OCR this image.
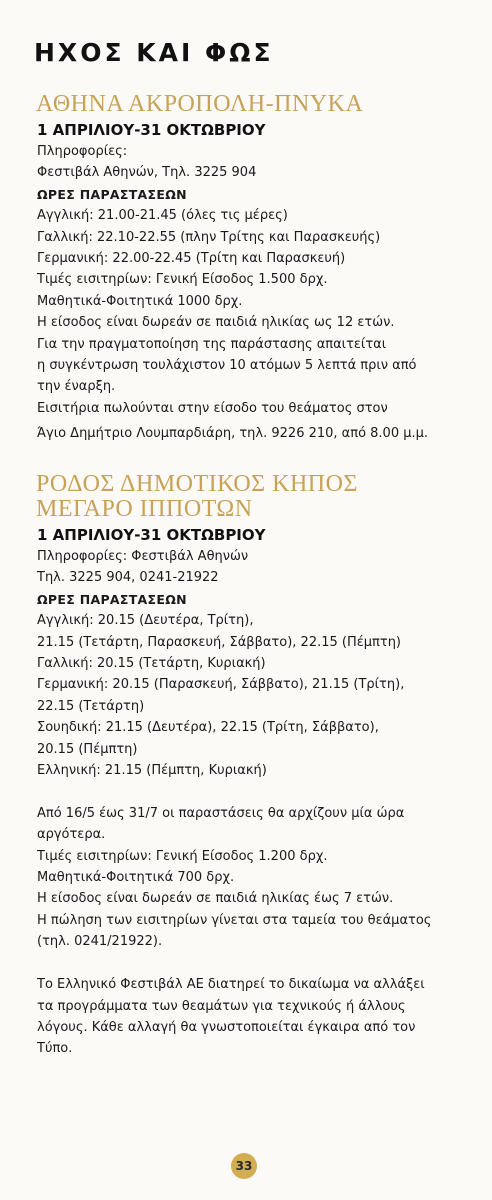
ΗΧΟΣ ΚΑΙ ΦΩΣ
ΑΘΗΝΑ ΑΚΡΟΠΟΛΗ-ΠΝΥΚΑ
1 ΑΠΡΙΛΙΟΥ-31 ΟΚΤΩΒΡΙΟΥ

Πληροφορίες:

Φεστιβάλ Αθηνών, Τηλ. 3225 904

ΩΡΕΣ ΠΑΡΑΣΤΑΣΕΩΝ

Αγγλική: 21.00-21.45 (όλες τις μέρες)

Γαλλική: 22.10-22.55 (πλην Τρίτης και Παρασκευής)

Γερμανική: 22.00-22.45 (Τρίτη και Παρασκευή)

Τιμές εισιτηρίων: Γενική Είσοδος 1.500 δρχ.

Μαθητικά-Φοιτητικά 1000 δρχ.

Η είσοδος είναι δωρεάν σε παιδιά ηλικίας ως 12 ετών.

Για την πραγματοποίηση της παράστασης απαιτείται

η συγκέντρωση τουλάχιστον 10 ατόμων 5 λεπτά πριν από

την έναρξη.

Εισιτήρια πωλούνται στην είσοδο του θεάματος στον

Άγιο Δημήτριο Λουμπαρδιάρη, τηλ. 9226 210, από 8.00 μ.μ.

ΡΟΔΟΣ ΔΗΜΟΤΙΚΟΣ ΚΗΠΟΣ
ΜΕΓΑΡΟ ΙΠΠΟΤΩΝ
1 ΑΠΡΙΛΙΟΥ-31 ΟΚΤΩΒΡΙΟΥ

Πληροφορίες: Φεστιβάλ Αθηνών

Τηλ. 3225 904, 0241-21922

ΩΡΕΣ ΠΑΡΑΣΤΑΣΕΩΝ

Αγγλική: 20.15 (Δευτέρα, Τρίτη),

21.15 (Τετάρτη, Παρασκευή, Σάββατο), 22.15 (Πέμπτη)

Γαλλική: 20.15 (Τετάρτη, Κυριακή)

Γερμανική: 20.15 (Παρασκευή, Σάββατο), 21.15 (Τρίτη),

22.15 (Τετάρτη)

Σουηδική: 21.15 (Δευτέρα), 22.15 (Τρίτη, Σάββατο),

20.15 (Πέμπτη)

Ελληνική: 21.15 (Πέμπτη, Κυριακή)

Από 16/5 έως 31/7 οι παραστάσεις θα αρχίζουν μία ώρα

αργότερα.

Τιμές εισιτηρίων: Γενική Είσοδος 1.200 δρχ.

Μαθητικά-Φοιτητικά 700 δρχ.

Η είσοδος είναι δωρεάν σε παιδιά ηλικίας έως 7 ετών.

Η πώληση των εισιτηρίων γίνεται στα ταμεία του θεάματος

(τηλ. 0241/21922).

Το Ελληνικό Φεστιβάλ ΑΕ διατηρεί το δικαίωμα να αλλάξει

τα προγράμματα των θεαμάτων για τεχνικούς ή άλλους

λόγους. Κάθε αλλαγή θα γνωστοποιείται έγκαιρα από τον

Τύπο.

33
